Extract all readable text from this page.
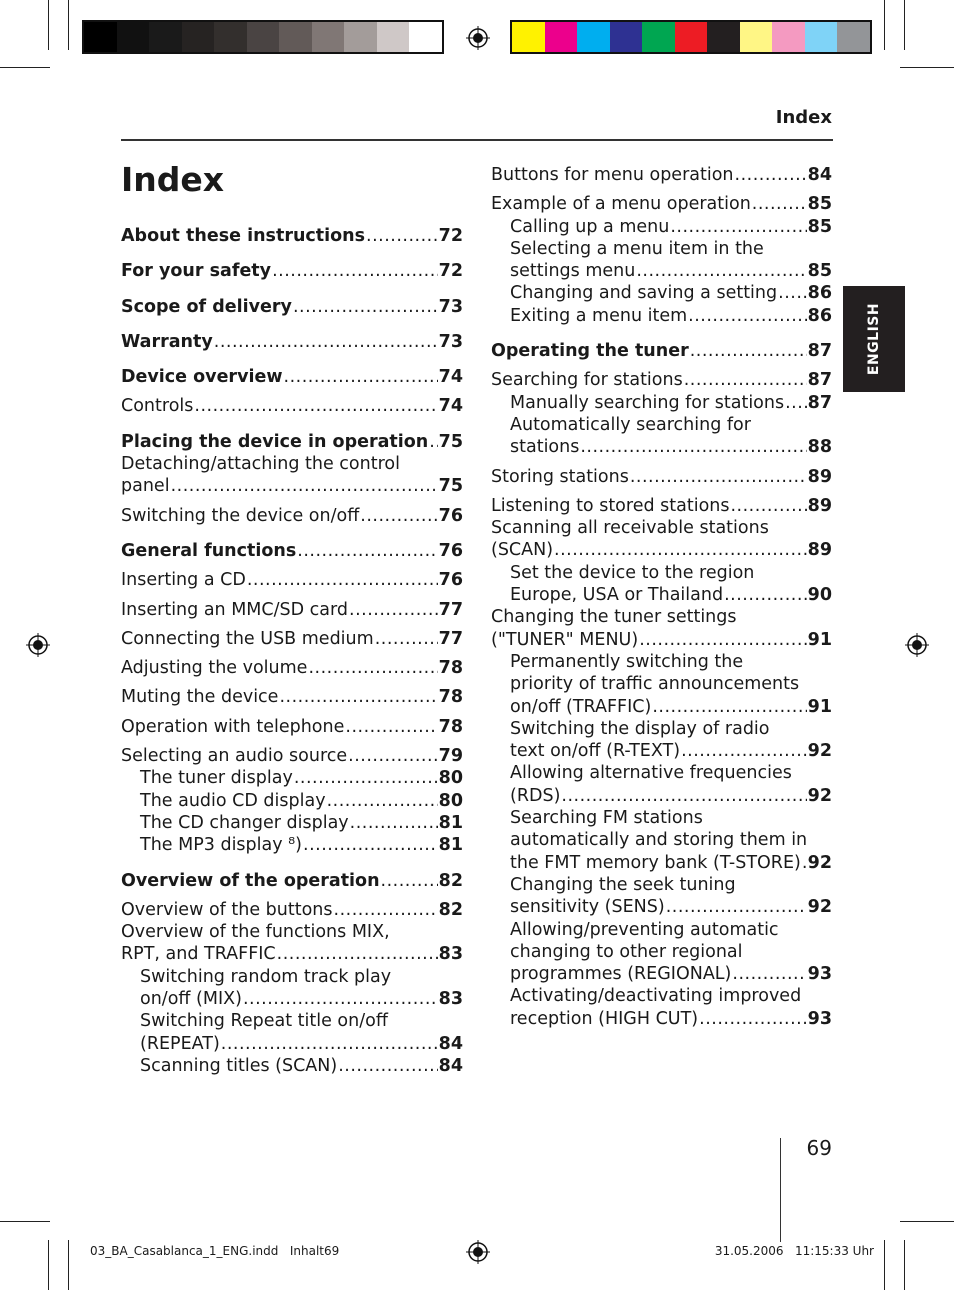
Index
ENGLISH
Index
About these instructions .....	72
For your safety .....	72
Scope of delivery .....	73
Warranty .....	73
Device overview .....	74
Controls .....	74
Placing the device in operation ..... 75
Detaching/attaching the control
panel .....	75
Switching the device on/off .....	76
General functions .....	76
Inserting a CD .....	76
Inserting an MMC/SD card .....	77
Connecting the USB medium .....	77
Adjusting the volume .....	78
Muting the device .....	78
Operation with telephone .....	78
Selecting an audio source .....	79
The tuner display .....	80
The audio CD display .....	80
The CD changer display .....	81
The MP3 display ⁸) .....	81
Overview of the operation .....	82
Overview of the buttons .....	82
Overview of the functions MIX,
RPT, and TRAFFIC .....	83
Switching random track play
on/off (MIX) .....	83
Switching Repeat title on/off
(REPEAT) .....	84
Scanning titles (SCAN) .....	84
Buttons for menu operation .....	84
Example of a menu operation .....	85
Calling up a menu .....	85
Selecting a menu item in the
settings menu .....	85
Changing and saving a setting ..... 86
Exiting a menu item .....	86
Operating the tuner .....	87
Searching for stations .....	87
Manually searching for stations ..... 87
Automatically searching for
stations .....	88
Storing stations .....	89
Listening to stored stations .....	89
Scanning all receivable stations
(SCAN) .....	89
Set the device to the region
Europe, USA or Thailand .....	90
Changing the tuner settings
("TUNER" MENU) .....	91
Permanently switching the
priority of traffic announcements
on/off (TRAFFIC) .....	91
Switching the display of radio
text on/off (R-TEXT) .....	92
Allowing alternative frequencies
(RDS) .....	92
Searching FM stations
automatically and storing them in
the FMT memory bank (T-STORE) ..... 92
Changing the seek tuning
sensitivity (SENS) .....	92
Allowing/preventing automatic
changing to other regional
programmes (REGIONAL) .....	93
Activating/deactivating improved
reception (HIGH CUT) .....	93
69
03_BA_Casablanca_1_ENG.indd   Inhalt69	31.05.2006   11:15:33 Uhr
